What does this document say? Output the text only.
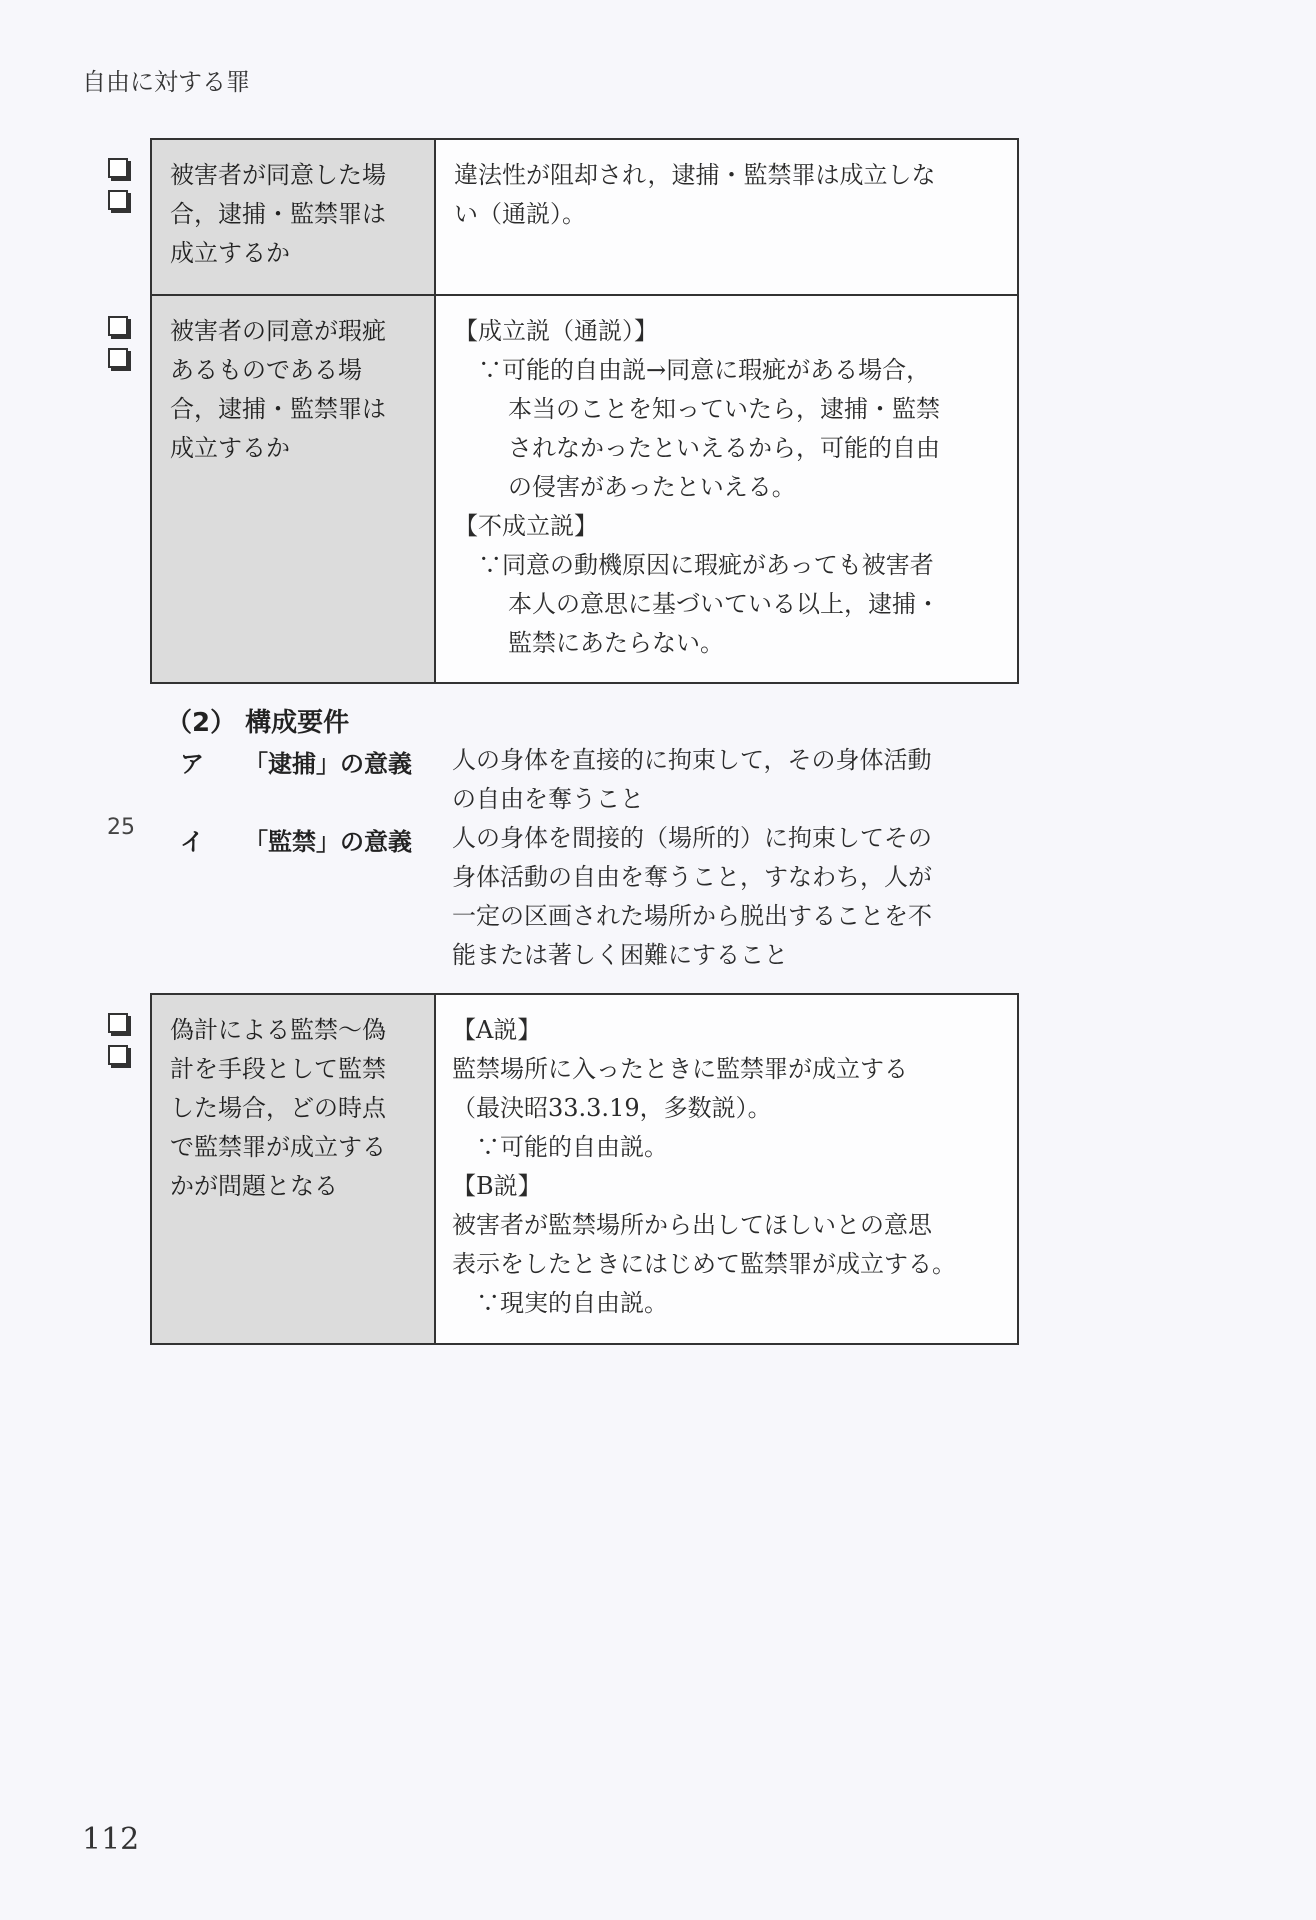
自由に対する罪
被害者が同意した場
合，逮捕・監禁罪は
成立するか
違法性が阻却され，逮捕・監禁罪は成立しな
い（通説）。
被害者の同意が瑕疵
あるものである場
合，逮捕・監禁罪は
成立するか
【成立説（通説）】
∵可能的自由説→同意に瑕疵がある場合，
本当のことを知っていたら，逮捕・監禁
されなかったといえるから，可能的自由
の侵害があったといえる。
【不成立説】
∵同意の動機原因に瑕疵があっても被害者
本人の意思に基づいている以上，逮捕・
監禁にあたらない。
（2） 構成要件
ア 「逮捕」の意義 人の身体を直接的に拘束して，その身体活動
の自由を奪うこと
25
イ 「監禁」の意義 人の身体を間接的（場所的）に拘束してその
身体活動の自由を奪うこと，すなわち，人が
一定の区画された場所から脱出することを不
能または著しく困難にすること
偽計による監禁～偽
計を手段として監禁
した場合，どの時点
で監禁罪が成立する
かが問題となる
【A説】
監禁場所に入ったときに監禁罪が成立する
（最決昭33.3.19，多数説）。
∵可能的自由説。
【B説】
被害者が監禁場所から出してほしいとの意思
表示をしたときにはじめて監禁罪が成立する。
∵現実的自由説。
112
